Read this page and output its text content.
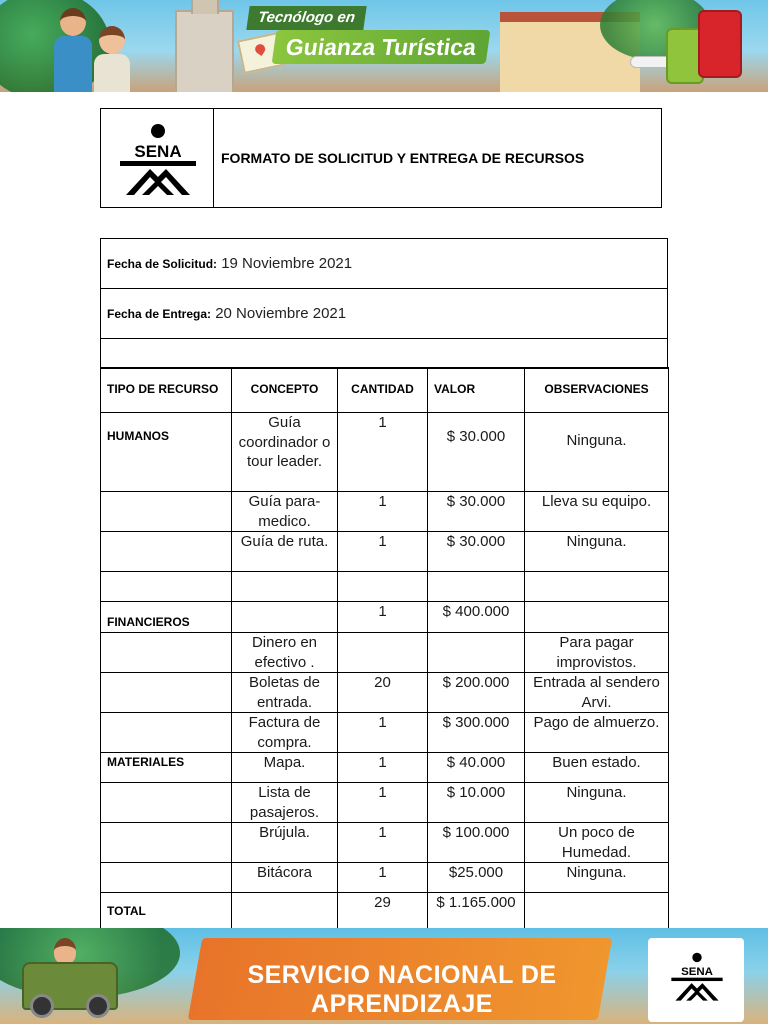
Tecnólogo en
Guianza Turística
SENA	FORMATO DE SOLICITUD Y ENTREGA DE RECURSOS
Fecha de Solicitud: 19 Noviembre 2021
Fecha de Entrega: 20 Noviembre 2021

TIPO DE RECURSO	CONCEPTO	CANTIDAD	VALOR	OBSERVACIONES
HUMANOS	Guía coordinador o tour leader.	1	$ 30.000	Ninguna.
	Guía para-medico.	1	$ 30.000	Lleva su equipo.
	Guía de ruta.	1	$ 30.000	Ninguna.

FINANCIEROS		1	$ 400.000	
	Dinero en efectivo .			Para pagar improvistos.
	Boletas de entrada.	20	$ 200.000	Entrada al sendero Arvi.
	Factura de compra.	1	$ 300.000	Pago de almuerzo.
MATERIALES	Mapa.	1	$ 40.000	Buen estado.
	Lista de pasajeros.	1	$ 10.000	Ninguna.
	Brújula.	1	$ 100.000	Un poco de Humedad.
	Bitácora	1	$25.000	Ninguna.
TOTAL		29	$ 1.165.000	
SERVICIO NACIONAL DE APRENDIZAJE
SENA
